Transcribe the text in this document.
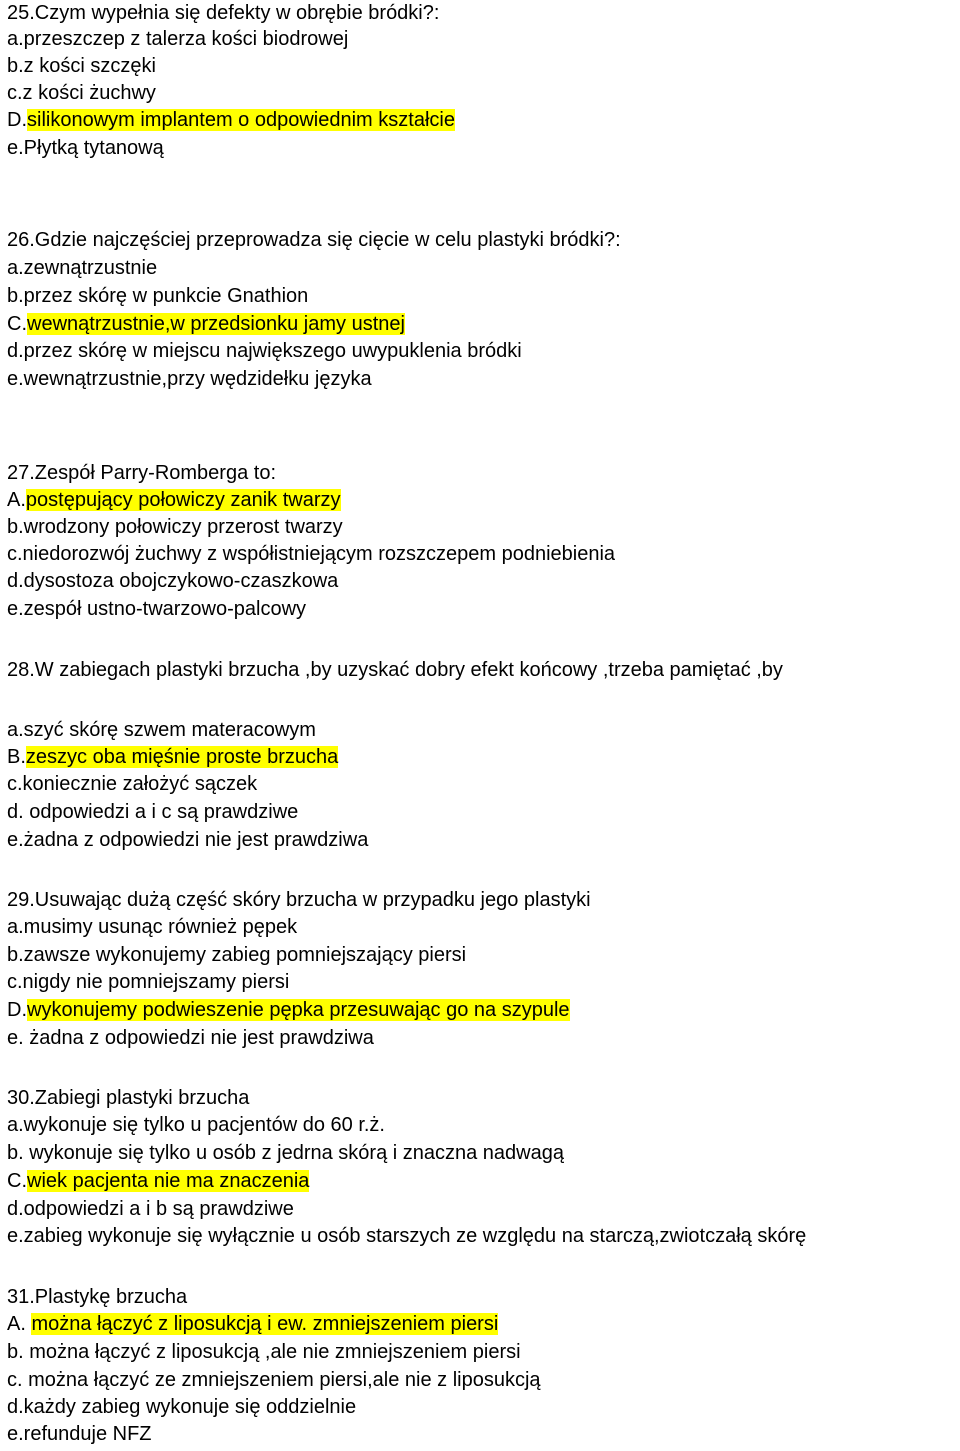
25.Czym wypełnia się defekty w obrębie bródki?:
a.przeszczep z talerza kości biodrowej
b.z kości szczęki
c.z kości żuchwy
D.silikonowym implantem o odpowiednim kształcie
e.Płytką tytanową
26.Gdzie najczęściej przeprowadza się cięcie w celu plastyki bródki?:
a.zewnątrzustnie
b.przez skórę w punkcie Gnathion
C.wewnątrzustnie,w przedsionku jamy ustnej
d.przez skórę w miejscu największego uwypuklenia bródki
e.wewnątrzustnie,przy wędzidełku języka
27.Zespół Parry-Romberga to:
A.postępujący połowiczy zanik twarzy
b.wrodzony połowiczy przerost twarzy
c.niedorozwój żuchwy z współistniejącym rozszczepem podniebienia
d.dysostoza obojczykowo-czaszkowa
e.zespół ustno-twarzowo-palcowy
28.W zabiegach plastyki brzucha ,by uzyskać dobry efekt końcowy ,trzeba pamiętać ,by
a.szyć skórę szwem materacowym
B.zeszyc oba mięśnie proste brzucha
c.koniecznie założyć sączek
d. odpowiedzi a i c są prawdziwe
e.żadna z odpowiedzi nie jest prawdziwa
29.Usuwając dużą część skóry brzucha w przypadku jego plastyki
a.musimy usunąc również pępek
b.zawsze wykonujemy zabieg pomniejszający piersi
c.nigdy nie pomniejszamy piersi
D.wykonujemy podwieszenie pępka przesuwając go na szypule
e. żadna z odpowiedzi nie jest prawdziwa
30.Zabiegi plastyki brzucha
a.wykonuje się tylko u pacjentów do 60 r.ż.
b. wykonuje się tylko u osób z jedrna skórą i znaczna nadwagą
C.wiek pacjenta nie ma znaczenia
d.odpowiedzi a i b są prawdziwe
e.zabieg wykonuje się wyłącznie u osób starszych ze względu na starczą,zwiotczałą skórę
31.Plastykę brzucha
A. można łączyć z liposukcją i ew. zmniejszeniem piersi
b. można łączyć z liposukcją ,ale nie zmniejszeniem piersi
c. można łączyć ze zmniejszeniem piersi,ale nie z liposukcją
d.każdy zabieg wykonuje się oddzielnie
e.refunduje NFZ
